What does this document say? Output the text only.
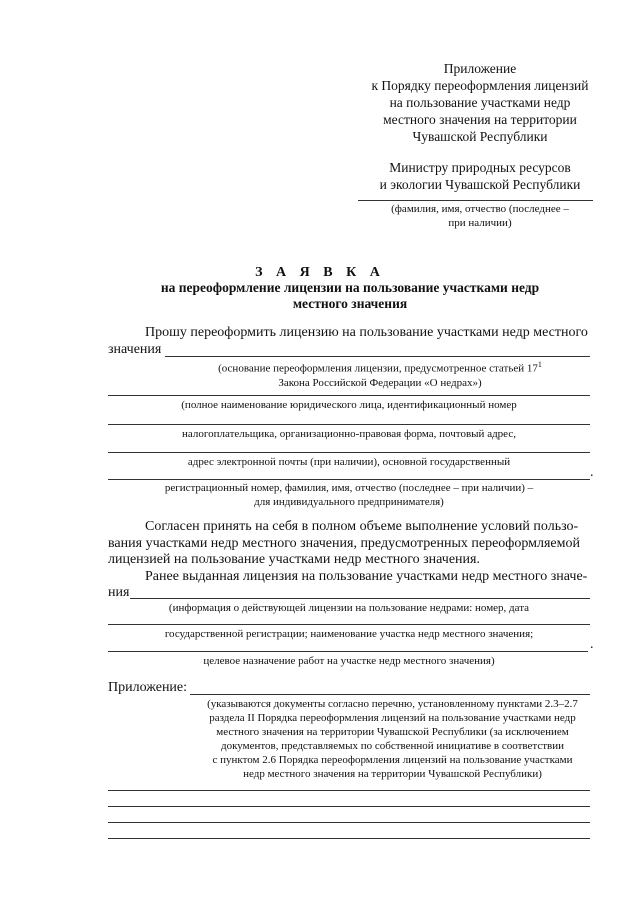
Приложение
к Порядку переоформления лицензий
на пользование участками недр
местного значения на территории
Чувашской Республики
Министру природных ресурсов
и экологии Чувашской Республики
(фамилия, имя, отчество (последнее –
при наличии)
З А Я В К А
на переоформление лицензии на пользование участками недр
местного значения
Прошу переоформить лицензию на пользование участками недр местного
значения
(основание переоформления лицензии, предусмотренное статьей $17^1$
Закона Российской Федерации «О недрах»)
(полное наименование юридического лица, идентификационный номер
налогоплательщика, организационно-правовая форма, почтовый адрес,
адрес электронной почты (при наличии), основной государственный
.
регистрационный номер, фамилия, имя, отчество (последнее – при наличии) –
для индивидуального предпринимателя)
Согласен принять на себя в полном объеме выполнение условий пользо-
вания участками недр местного значения, предусмотренных переоформляемой
лицензией на пользование участками недр местного значения.
Ранее выданная лицензия на пользование участками недр местного значе-
ния
(информация о действующей лицензии на пользование недрами: номер, дата
государственной регистрации; наименование участка недр местного значения;
.
целевое назначение работ на участке недр местного значения)
Приложение:
(указываются документы согласно перечню, установленному пунктами 2.3–2.7
раздела II Порядка переоформления лицензий на пользование участками недр
местного значения на территории Чувашской Республики (за исключением
документов, представляемых по собственной инициативе в соответствии
с пунктом 2.6 Порядка переоформления лицензий на пользование участками
недр местного значения на территории Чувашской Республики)
